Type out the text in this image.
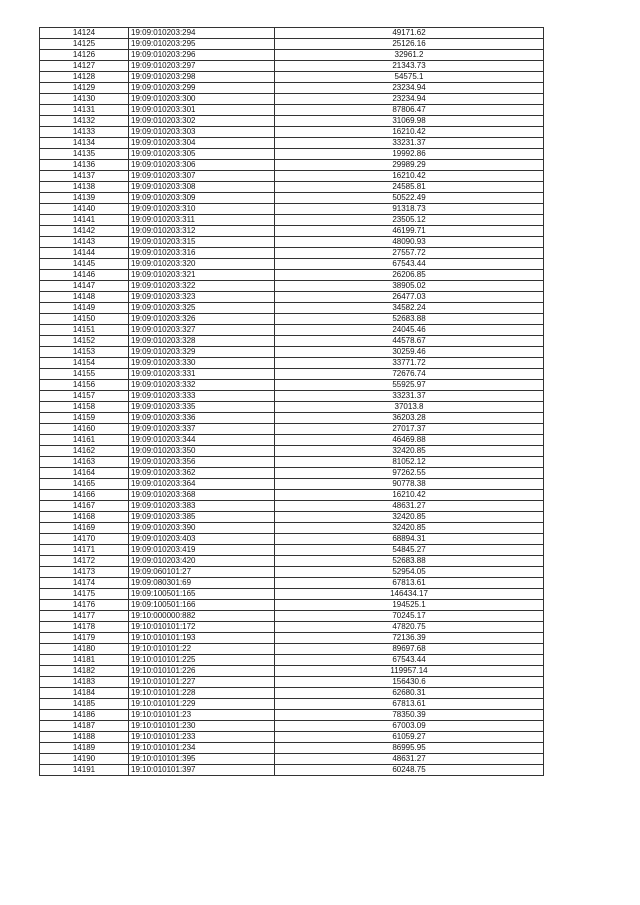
14124	19:09:010203:294	49171.62
14125	19:09:010203:295	25126.16
14126	19:09:010203:296	32961.2
14127	19:09:010203:297	21343.73
14128	19:09:010203:298	54575.1
14129	19:09:010203:299	23234.94
14130	19:09:010203:300	23234.94
14131	19:09:010203:301	87806.47
14132	19:09:010203:302	31069.98
14133	19:09:010203:303	16210.42
14134	19:09:010203:304	33231.37
14135	19:09:010203:305	19992.86
14136	19:09:010203:306	29989.29
14137	19:09:010203:307	16210.42
14138	19:09:010203:308	24585.81
14139	19:09:010203:309	50522.49
14140	19:09:010203:310	91318.73
14141	19:09:010203:311	23505.12
14142	19:09:010203:312	46199.71
14143	19:09:010203:315	48090.93
14144	19:09:010203:316	27557.72
14145	19:09:010203:320	67543.44
14146	19:09:010203:321	26206.85
14147	19:09:010203:322	38905.02
14148	19:09:010203:323	26477.03
14149	19:09:010203:325	34582.24
14150	19:09:010203:326	52683.88
14151	19:09:010203:327	24045.46
14152	19:09:010203:328	44578.67
14153	19:09:010203:329	30259.46
14154	19:09:010203:330	33771.72
14155	19:09:010203:331	72676.74
14156	19:09:010203:332	55925.97
14157	19:09:010203:333	33231.37
14158	19:09:010203:335	37013.8
14159	19:09:010203:336	36203.28
14160	19:09:010203:337	27017.37
14161	19:09:010203:344	46469.88
14162	19:09:010203:350	32420.85
14163	19:09:010203:356	81052.12
14164	19:09:010203:362	97262.55
14165	19:09:010203:364	90778.38
14166	19:09:010203:368	16210.42
14167	19:09:010203:383	48631.27
14168	19:09:010203:385	32420.85
14169	19:09:010203:390	32420.85
14170	19:09:010203:403	68894.31
14171	19:09:010203:419	54845.27
14172	19:09:010203:420	52683.88
14173	19:09:060101:27	52954.05
14174	19:09:080301:69	67813.61
14175	19:09:100501:165	146434.17
14176	19:09:100501:166	194525.1
14177	19:10:000000:882	70245.17
14178	19:10:010101:172	47820.75
14179	19:10:010101:193	72136.39
14180	19:10:010101:22	89697.68
14181	19:10:010101:225	67543.44
14182	19:10:010101:226	119957.14
14183	19:10:010101:227	156430.6
14184	19:10:010101:228	62680.31
14185	19:10:010101:229	67813.61
14186	19:10:010101:23	78350.39
14187	19:10:010101:230	67003.09
14188	19:10:010101:233	61059.27
14189	19:10:010101:234	86995.95
14190	19:10:010101:395	48631.27
14191	19:10:010101:397	60248.75
